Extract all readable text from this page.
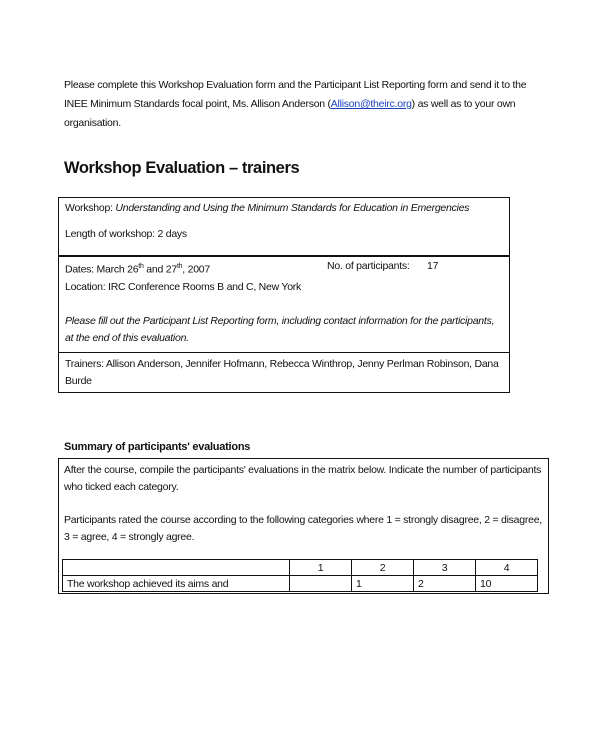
Please complete this Workshop Evaluation form and the Participant List Reporting form and send it to the INEE Minimum Standards focal point, Ms. Allison Anderson (Allison@theirc.org) as well as to your own organisation.
Workshop Evaluation – trainers
Workshop: Understanding and Using the Minimum Standards for Education in Emergencies
Length of workshop: 2 days
Dates: March 26th and 27th, 2007	No. of participants: 17
Location: IRC Conference Rooms B and C, New York
Please fill out the Participant List Reporting form, including contact information for the participants, at the end of this evaluation.
Trainers: Allison Anderson, Jennifer Hofmann, Rebecca Winthrop, Jenny Perlman Robinson, Dana Burde
Summary of participants' evaluations
After the course, compile the participants' evaluations in the matrix below. Indicate the number of participants who ticked each category.
Participants rated the course according to the following categories where 1 = strongly disagree, 2 = disagree, 3 = agree, 4 = strongly agree.
	1	2	3	4
The workshop achieved its aims and		1	2	10
